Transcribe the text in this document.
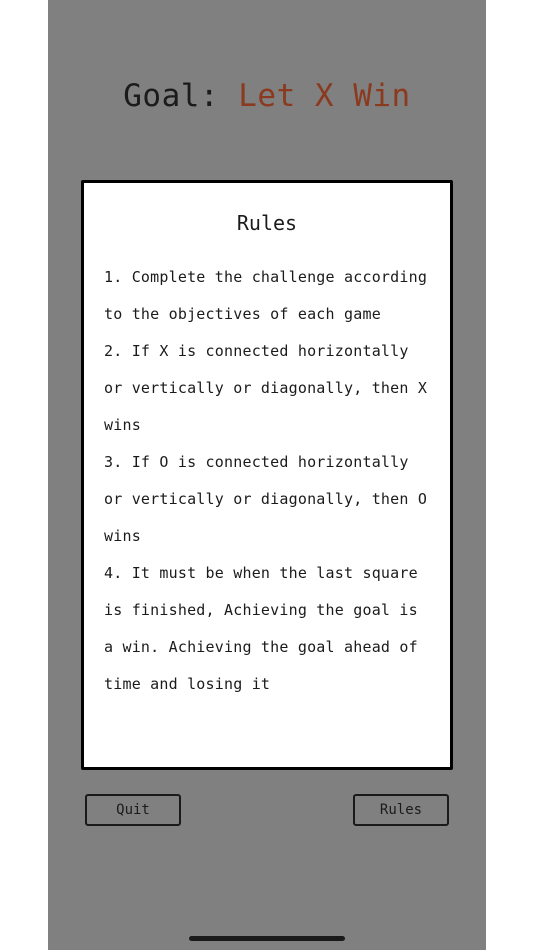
Goal: Let X Win
Rules
1. Complete the challenge according to the objectives of each game
2. If X is connected horizontally or vertically or diagonally, then X wins
3. If O is connected horizontally or vertically or diagonally, then O wins
4. It must be when the last square is finished, Achieving the goal is a win. Achieving the goal ahead of time and losing it
Quit	Rules
